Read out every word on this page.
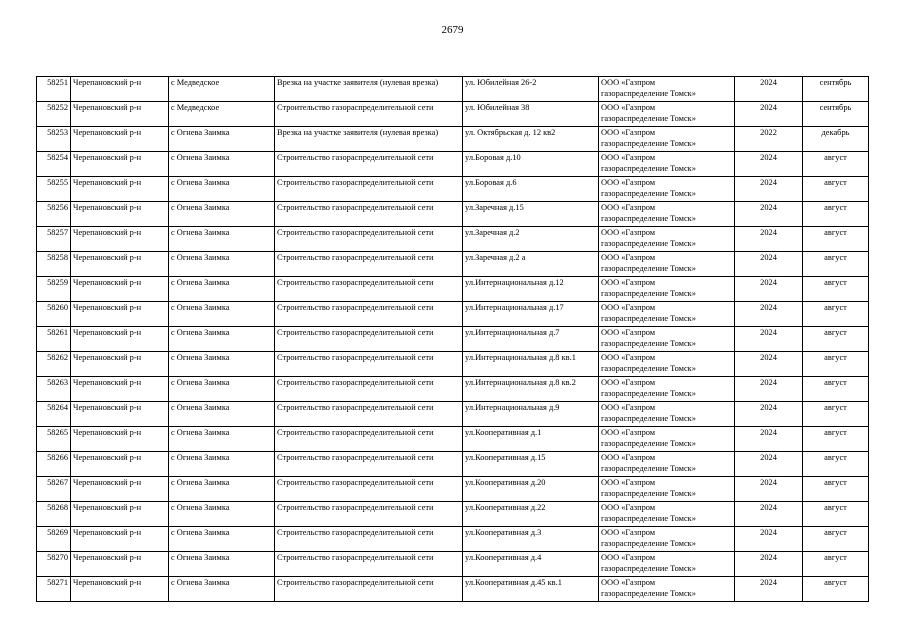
2679
58251	Черепановский р-н	с Медведское	Врезка на участке заявителя (нулевая врезка)	ул. Юбилейная 26-2	ООО «Газпром
газораспределение Томск»	2024	сентябрь
58252	Черепановский р-н	с Медведское	Строительство газораспределительной сети	ул. Юбилейная 38	ООО «Газпром
газораспределение Томск»	2024	сентябрь
58253	Черепановский р-н	с Огнева Заимка	Врезка на участке заявителя (нулевая врезка)	ул. Октябрьская д. 12 кв2	ООО «Газпром
газораспределение Томск»	2022	декабрь
58254	Черепановский р-н	с Огнева Заимка	Строительство газораспределительной сети	ул.Боровая д.10	ООО «Газпром
газораспределение Томск»	2024	август
58255	Черепановский р-н	с Огнева Заимка	Строительство газораспределительной сети	ул.Боровая д.6	ООО «Газпром
газораспределение Томск»	2024	август
58256	Черепановский р-н	с Огнева Заимка	Строительство газораспределительной сети	ул.Заречная д.15	ООО «Газпром
газораспределение Томск»	2024	август
58257	Черепановский р-н	с Огнева Заимка	Строительство газораспределительной сети	ул.Заречная д.2	ООО «Газпром
газораспределение Томск»	2024	август
58258	Черепановский р-н	с Огнева Заимка	Строительство газораспределительной сети	ул.Заречная д.2 а	ООО «Газпром
газораспределение Томск»	2024	август
58259	Черепановский р-н	с Огнева Заимка	Строительство газораспределительной сети	ул.Интернациональная д.12	ООО «Газпром
газораспределение Томск»	2024	август
58260	Черепановский р-н	с Огнева Заимка	Строительство газораспределительной сети	ул.Интернациональная д.17	ООО «Газпром
газораспределение Томск»	2024	август
58261	Черепановский р-н	с Огнева Заимка	Строительство газораспределительной сети	ул.Интернациональная д.7	ООО «Газпром
газораспределение Томск»	2024	август
58262	Черепановский р-н	с Огнева Заимка	Строительство газораспределительной сети	ул.Интернациональная д.8 кв.1	ООО «Газпром
газораспределение Томск»	2024	август
58263	Черепановский р-н	с Огнева Заимка	Строительство газораспределительной сети	ул.Интернациональная д.8 кв.2	ООО «Газпром
газораспределение Томск»	2024	август
58264	Черепановский р-н	с Огнева Заимка	Строительство газораспределительной сети	ул.Интернациональная д.9	ООО «Газпром
газораспределение Томск»	2024	август
58265	Черепановский р-н	с Огнева Заимка	Строительство газораспределительной сети	ул.Кооперативная д.1	ООО «Газпром
газораспределение Томск»	2024	август
58266	Черепановский р-н	с Огнева Заимка	Строительство газораспределительной сети	ул.Кооперативная д.15	ООО «Газпром
газораспределение Томск»	2024	август
58267	Черепановский р-н	с Огнева Заимка	Строительство газораспределительной сети	ул.Кооперативная д.20	ООО «Газпром
газораспределение Томск»	2024	август
58268	Черепановский р-н	с Огнева Заимка	Строительство газораспределительной сети	ул.Кооперативная д.22	ООО «Газпром
газораспределение Томск»	2024	август
58269	Черепановский р-н	с Огнева Заимка	Строительство газораспределительной сети	ул.Кооперативная д.3	ООО «Газпром
газораспределение Томск»	2024	август
58270	Черепановский р-н	с Огнева Заимка	Строительство газораспределительной сети	ул.Кооперативная д.4	ООО «Газпром
газораспределение Томск»	2024	август
58271	Черепановский р-н	с Огнева Заимка	Строительство газораспределительной сети	ул.Кооперативная д.45 кв.1	ООО «Газпром
газораспределение Томск»	2024	август
